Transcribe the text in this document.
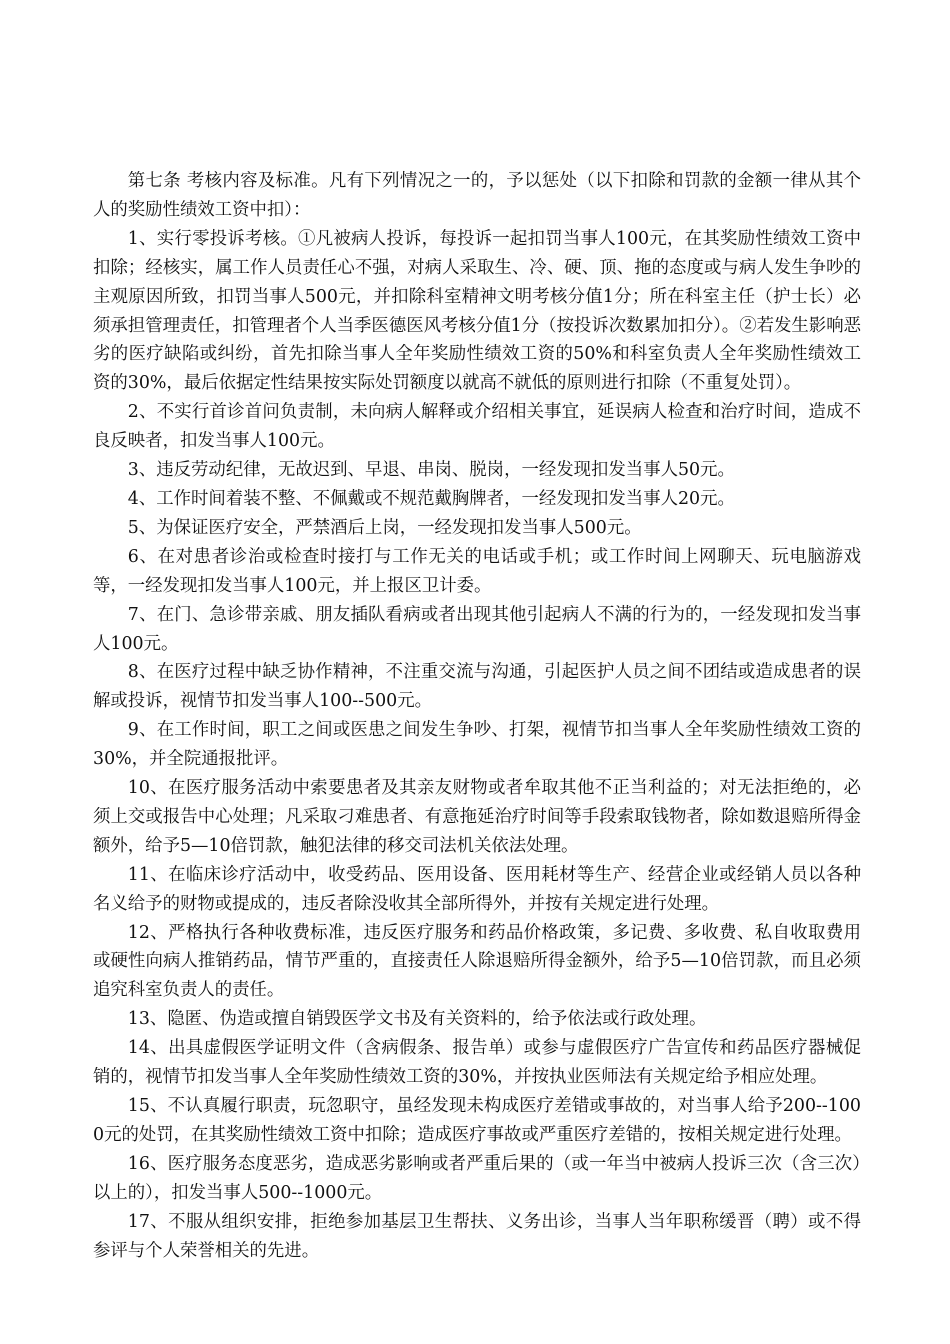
第七条 考核内容及标准。凡有下列情况之一的，予以惩处（以下扣除和罚款的金额一律从其个人的奖励性绩效工资中扣）：

1、实行零投诉考核。①凡被病人投诉，每投诉一起扣罚当事人100元，在其奖励性绩效工资中扣除；经核实，属工作人员责任心不强，对病人采取生、冷、硬、顶、拖的态度或与病人发生争吵的主观原因所致，扣罚当事人500元，并扣除科室精神文明考核分值1分；所在科室主任（护士长）必须承担管理责任，扣管理者个人当季医德医风考核分值1分（按投诉次数累加扣分）。②若发生影响恶劣的医疗缺陷或纠纷，首先扣除当事人全年奖励性绩效工资的50%和科室负责人全年奖励性绩效工资的30%，最后依据定性结果按实际处罚额度以就高不就低的原则进行扣除（不重复处罚）。

2、不实行首诊首问负责制，未向病人解释或介绍相关事宜，延误病人检查和治疗时间，造成不良反映者，扣发当事人100元。

3、违反劳动纪律，无故迟到、早退、串岗、脱岗，一经发现扣发当事人50元。

4、工作时间着装不整、不佩戴或不规范戴胸牌者，一经发现扣发当事人20元。

5、为保证医疗安全，严禁酒后上岗，一经发现扣发当事人500元。

6、在对患者诊治或检查时接打与工作无关的电话或手机；或工作时间上网聊天、玩电脑游戏等，一经发现扣发当事人100元，并上报区卫计委。

7、在门、急诊带亲戚、朋友插队看病或者出现其他引起病人不满的行为的，一经发现扣发当事人100元。

8、在医疗过程中缺乏协作精神，不注重交流与沟通，引起医护人员之间不团结或造成患者的误解或投诉，视情节扣发当事人100--500元。

9、在工作时间，职工之间或医患之间发生争吵、打架，视情节扣当事人全年奖励性绩效工资的30%，并全院通报批评。

10、在医疗服务活动中索要患者及其亲友财物或者牟取其他不正当利益的；对无法拒绝的，必须上交或报告中心处理；凡采取刁难患者、有意拖延治疗时间等手段索取钱物者，除如数退赔所得金额外，给予5—10倍罚款，触犯法律的移交司法机关依法处理。

11、在临床诊疗活动中，收受药品、医用设备、医用耗材等生产、经营企业或经销人员以各种名义给予的财物或提成的，违反者除没收其全部所得外，并按有关规定进行处理。

12、严格执行各种收费标准，违反医疗服务和药品价格政策，多记费、多收费、私自收取费用或硬性向病人推销药品，情节严重的，直接责任人除退赔所得金额外，给予5—10倍罚款，而且必须追究科室负责人的责任。

13、隐匿、伪造或擅自销毁医学文书及有关资料的，给予依法或行政处理。

14、出具虚假医学证明文件（含病假条、报告单）或参与虚假医疗广告宣传和药品医疗器械促销的，视情节扣发当事人全年奖励性绩效工资的30%，并按执业医师法有关规定给予相应处理。

15、不认真履行职责，玩忽职守，虽经发现未构成医疗差错或事故的，对当事人给予200--1000元的处罚，在其奖励性绩效工资中扣除；造成医疗事故或严重医疗差错的，按相关规定进行处理。

16、医疗服务态度恶劣，造成恶劣影响或者严重后果的（或一年当中被病人投诉三次（含三次）以上的），扣发当事人500--1000元。

17、不服从组织安排，拒绝参加基层卫生帮扶、义务出诊，当事人当年职称缓晋（聘）或不得参评与个人荣誉相关的先进。
